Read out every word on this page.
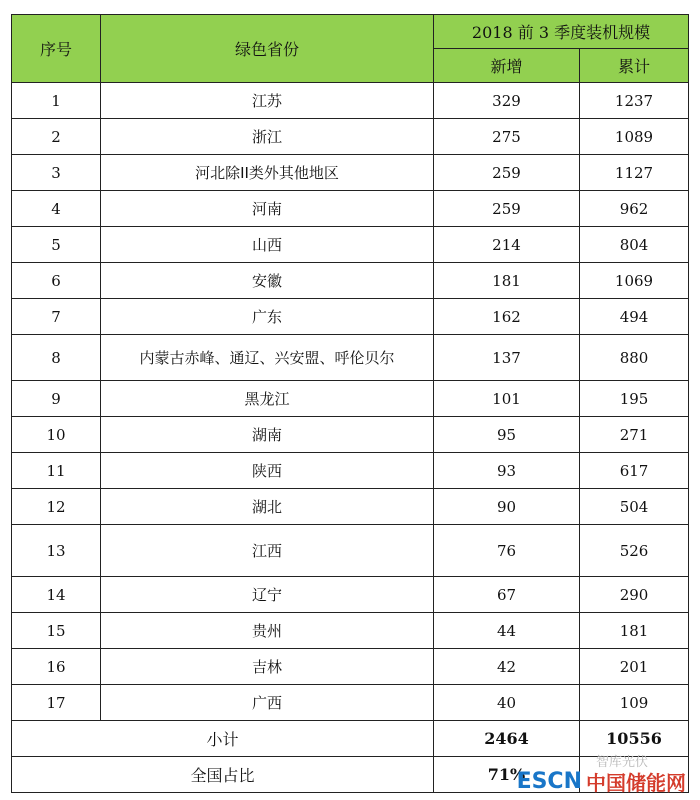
序号	绿色省份	2018 前 3 季度装机规模	
		新增	累计
1	江苏	329	1237
2	浙江	275	1089
3	河北除II类外其他地区	259	1127
4	河南	259	962
5	山西	214	804
6	安徽	181	1069
7	广东	162	494
8	内蒙古赤峰、通辽、兴安盟、呼伦贝尔	137	880
9	黑龙江	101	195
10	湖南	95	271
11	陕西	93	617
12	湖北	90	504
13	江西	76	526
14	辽宁	67	290
15	贵州	44	181
16	吉林	42	201
17	广西	40	109
小计		2464	10556
全国占比		71%	
智库光伏
ESCN 中国储能网
